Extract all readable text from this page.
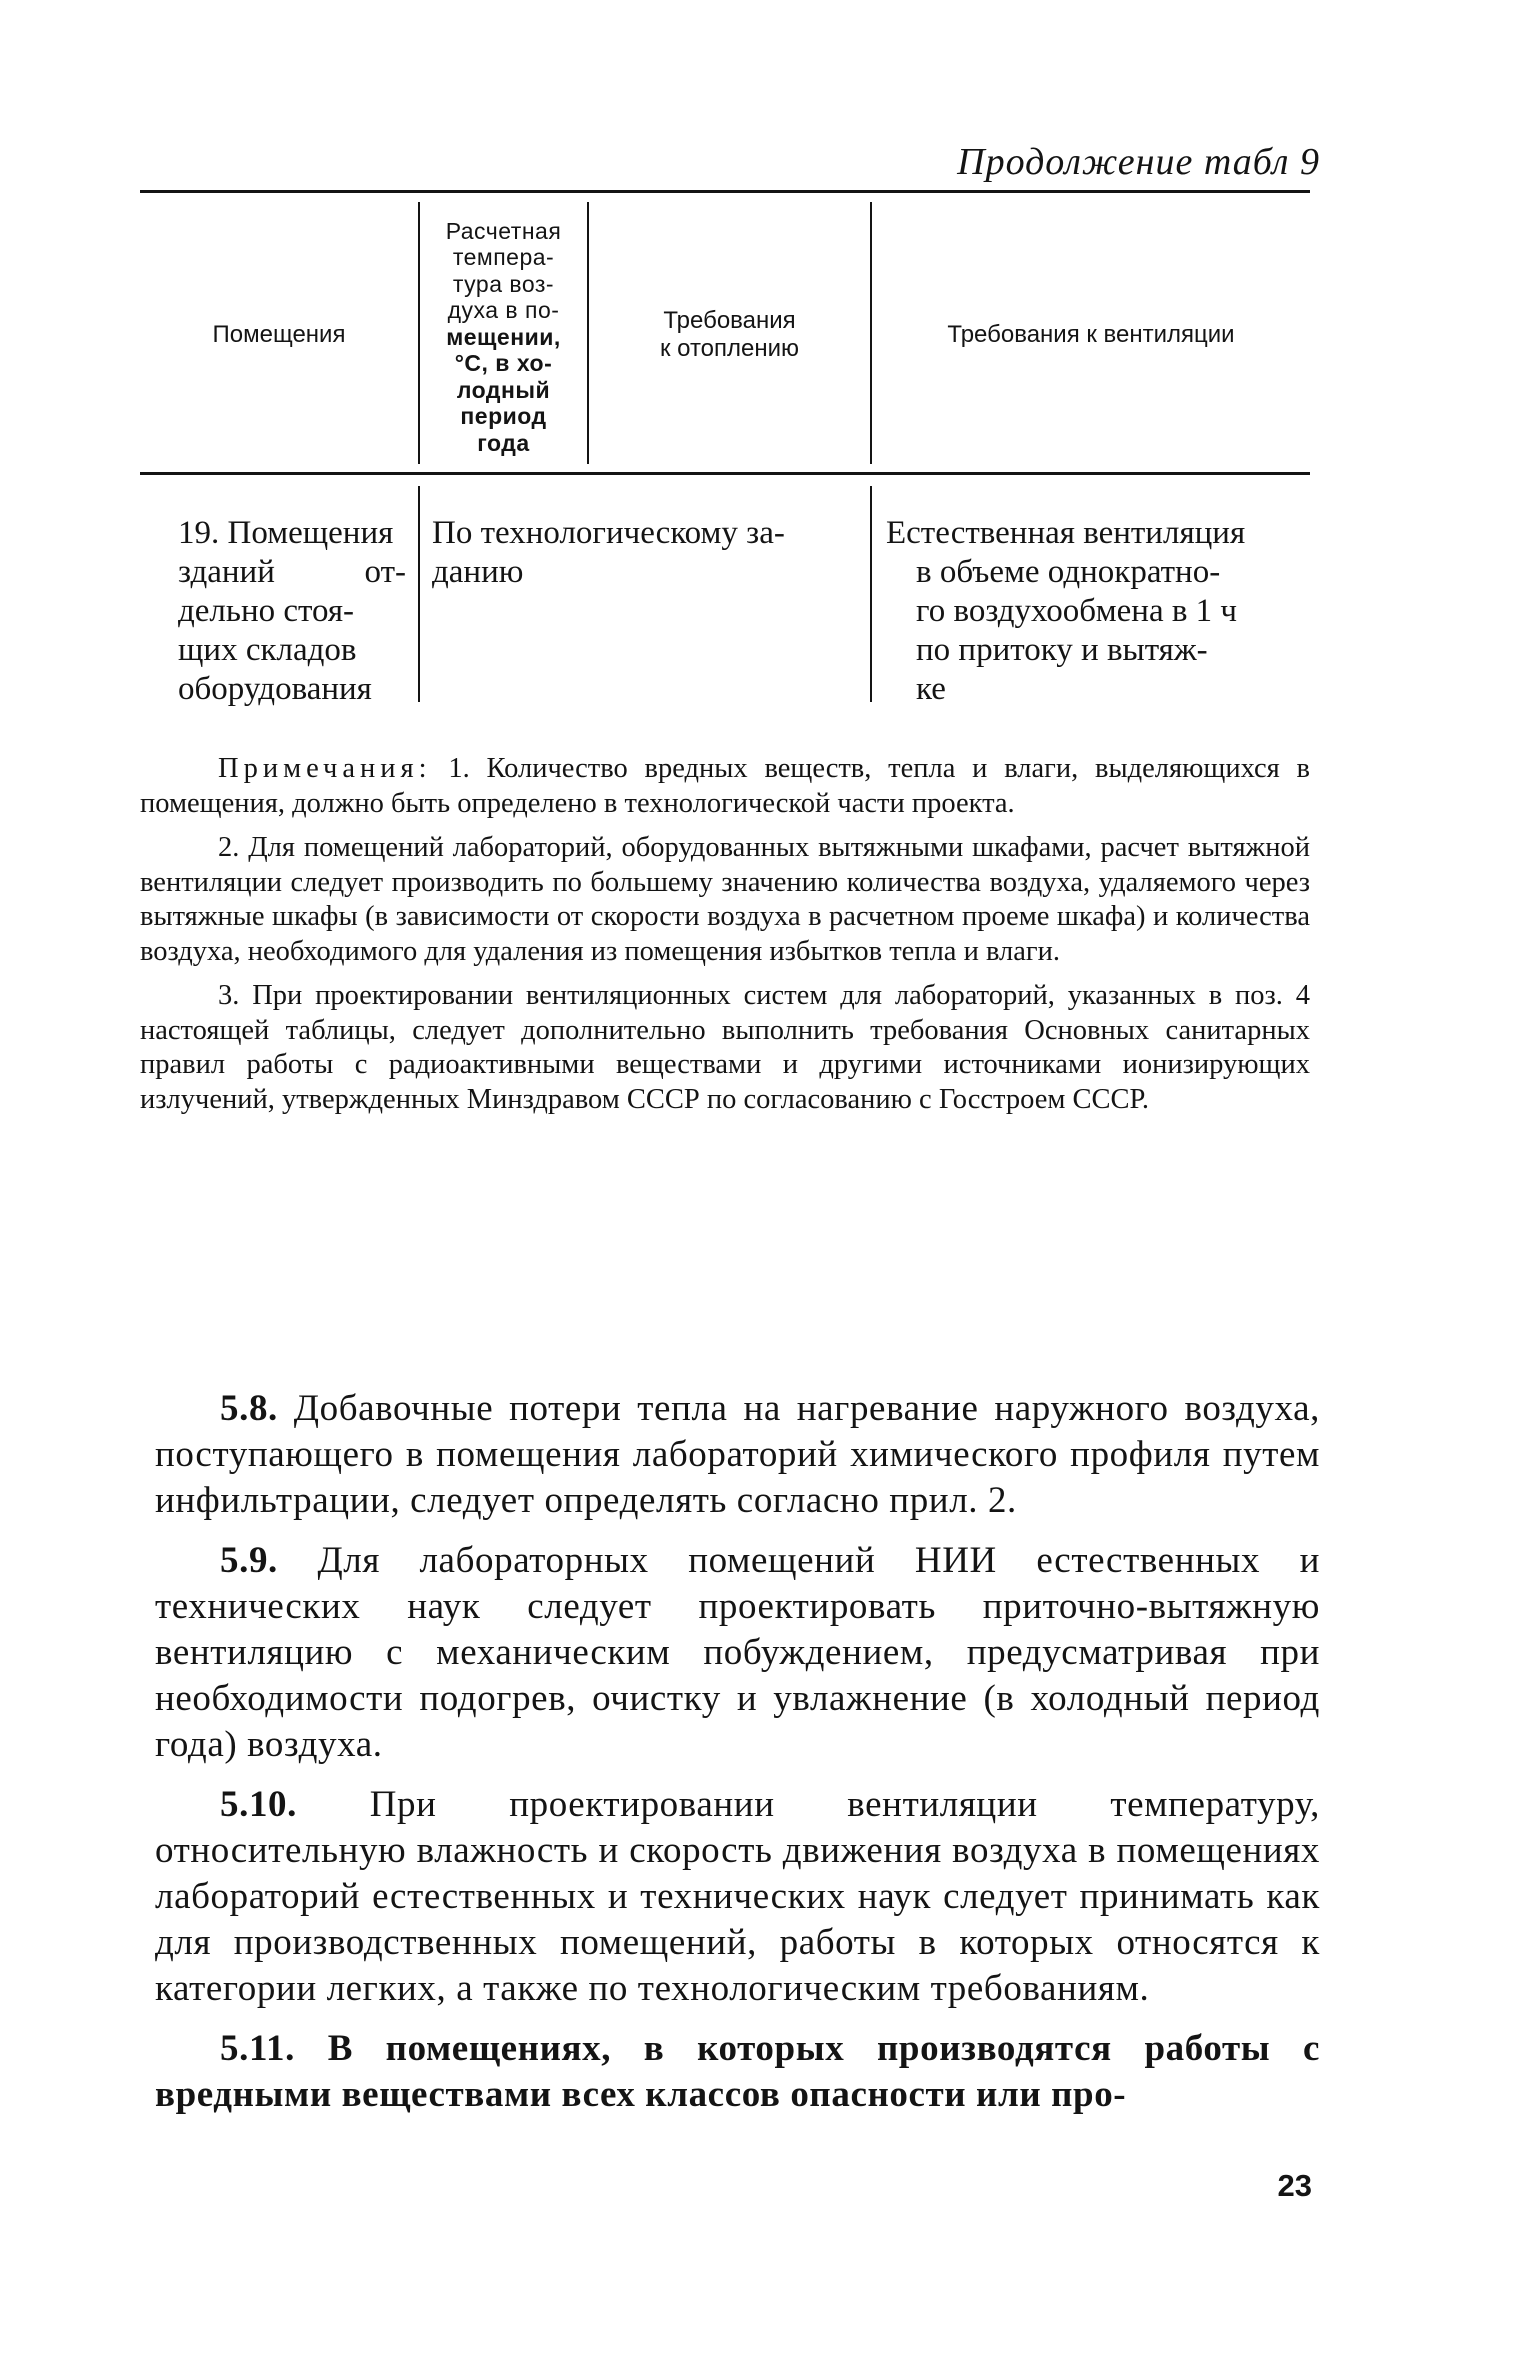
Продолжение табл 9
Помещения
Расчетная
темпера-
тура воз-
духа в по-
мещении,
°С, в хо-
лодный
период
года
Требования
к отоплению
Требования к вентиляции
19. Помещения
зданий от-
дельно стоя-
щих складов
оборудования
По технологическому за-
данию
Естественная вентиляция
в объеме однократно-
го воздухообмена в 1 ч
по притоку и вытяж-
ке

Примечания: 1. Количество вредных веществ, тепла и влаги, выделяющихся в помещения, должно быть определено в технологической части проекта.

2. Для помещений лабораторий, оборудованных вытяжными шкафами, расчет вытяжной вентиляции следует производить по большему значению количества воздуха, удаляемого через вытяжные шкафы (в зависимости от скорости воздуха в расчетном проеме шкафа) и количества воздуха, необходимого для удаления из помещения избытков тепла и влаги.

3. При проектировании вентиляционных систем для лабораторий, указанных в поз. 4 настоящей таблицы, следует дополнительно выполнить требования Основных санитарных правил работы с радиоактивными веществами и другими источниками ионизирующих излучений, утвержденных Минздравом СССР по согласованию с Госстроем СССР.

5.8. Добавочные потери тепла на нагревание наружного воздуха, поступающего в помещения лабораторий химического профиля путем инфильтрации, следует определять согласно прил. 2.

5.9. Для лабораторных помещений НИИ естественных и технических наук следует проектировать приточно-вытяжную вентиляцию с механическим побуждением, предусматривая при необходимости подогрев, очистку и увлажнение (в холодный период года) воздуха.

5.10. При проектировании вентиляции температуру, относительную влажность и скорость движения воздуха в помещениях лабораторий естественных и технических наук следует принимать как для производственных помещений, работы в которых относятся к категории легких, а также по технологическим требованиям.

5.11. В помещениях, в которых производятся работы с вредными веществами всех классов опасности или про-

23
